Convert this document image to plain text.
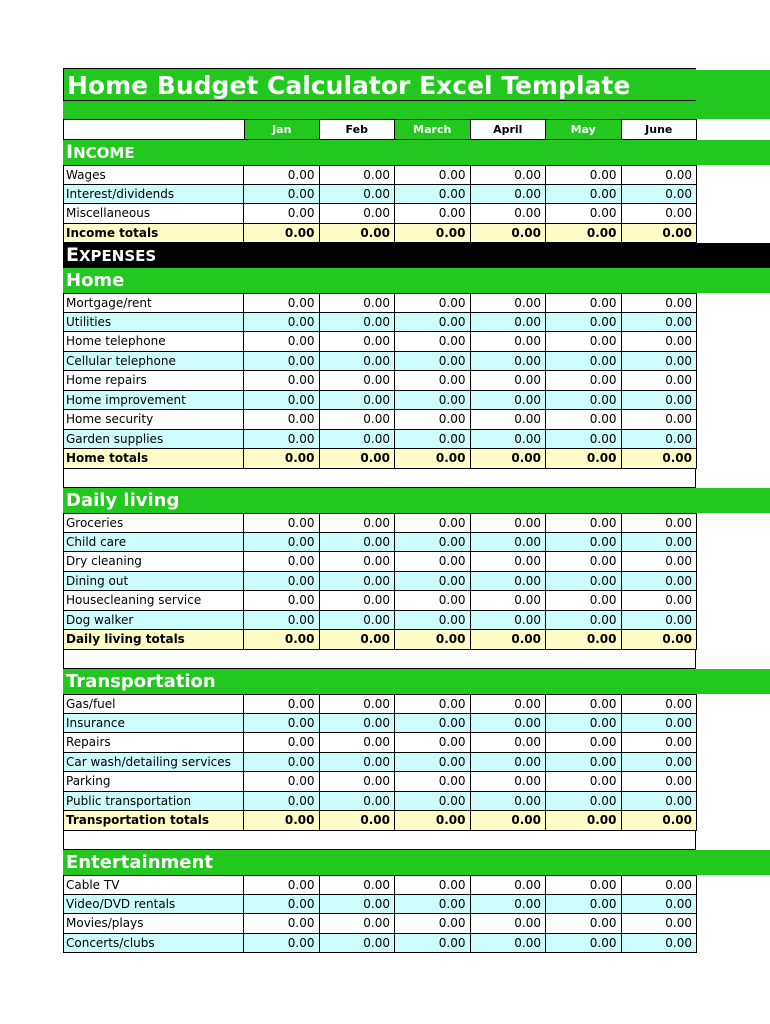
Home Budget Calculator Excel Template
Jan	Feb	March	April	May	June
INCOME
Wages	0.00	0.00	0.00	0.00	0.00	0.00
Interest/dividends	0.00	0.00	0.00	0.00	0.00	0.00
Miscellaneous	0.00	0.00	0.00	0.00	0.00	0.00
Income totals	0.00	0.00	0.00	0.00	0.00	0.00
EXPENSES
Home
Mortgage/rent	0.00	0.00	0.00	0.00	0.00	0.00
Utilities	0.00	0.00	0.00	0.00	0.00	0.00
Home telephone	0.00	0.00	0.00	0.00	0.00	0.00
Cellular telephone	0.00	0.00	0.00	0.00	0.00	0.00
Home repairs	0.00	0.00	0.00	0.00	0.00	0.00
Home improvement	0.00	0.00	0.00	0.00	0.00	0.00
Home security	0.00	0.00	0.00	0.00	0.00	0.00
Garden supplies	0.00	0.00	0.00	0.00	0.00	0.00
Home totals	0.00	0.00	0.00	0.00	0.00	0.00
Daily living
Groceries	0.00	0.00	0.00	0.00	0.00	0.00
Child care	0.00	0.00	0.00	0.00	0.00	0.00
Dry cleaning	0.00	0.00	0.00	0.00	0.00	0.00
Dining out	0.00	0.00	0.00	0.00	0.00	0.00
Housecleaning service	0.00	0.00	0.00	0.00	0.00	0.00
Dog walker	0.00	0.00	0.00	0.00	0.00	0.00
Daily living totals	0.00	0.00	0.00	0.00	0.00	0.00
Transportation
Gas/fuel	0.00	0.00	0.00	0.00	0.00	0.00
Insurance	0.00	0.00	0.00	0.00	0.00	0.00
Repairs	0.00	0.00	0.00	0.00	0.00	0.00
Car wash/detailing services	0.00	0.00	0.00	0.00	0.00	0.00
Parking	0.00	0.00	0.00	0.00	0.00	0.00
Public transportation	0.00	0.00	0.00	0.00	0.00	0.00
Transportation totals	0.00	0.00	0.00	0.00	0.00	0.00
Entertainment
Cable TV	0.00	0.00	0.00	0.00	0.00	0.00
Video/DVD rentals	0.00	0.00	0.00	0.00	0.00	0.00
Movies/plays	0.00	0.00	0.00	0.00	0.00	0.00
Concerts/clubs	0.00	0.00	0.00	0.00	0.00	0.00
